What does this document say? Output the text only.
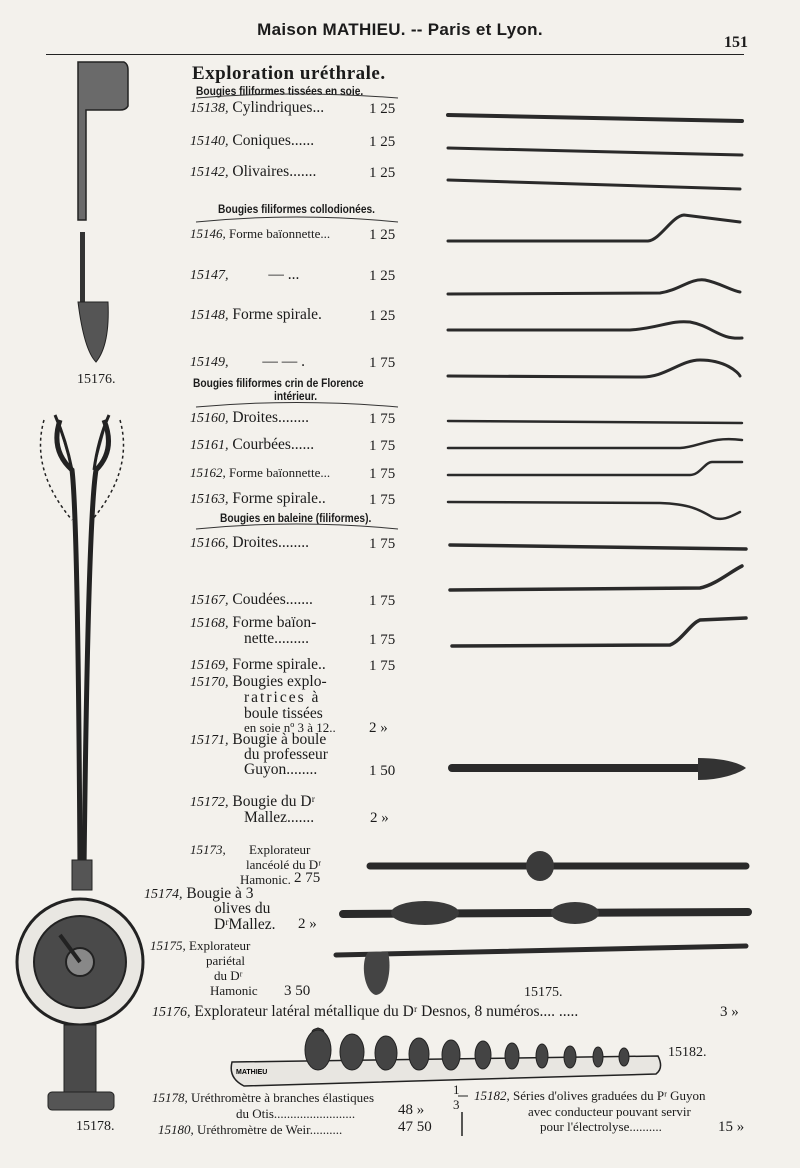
Maison MATHIEU. -- Paris et Lyon.
151
Exploration uréthrale.
Bougies filiformes tissées en soie.
15138, Cylindriques...	1 25
15140, Coniques......	1 25
15142, Olivaires.......	1 25
Bougies filiformes collodionées.
15146, Forme baïonnette...	1 25
15147,	— ...	1 25
15148, Forme spirale.	1 25
15149, — — .	1 75
Bougies filiformes crin de Florence
intérieur.
15160, Droites........	1 75
15161, Courbées......	1 75
15162, Forme baïonnette...	1 75
15163, Forme spirale..	1 75
Bougies en baleine (filiformes).
15166, Droites........	1 75
15167, Coudées.......	1 75
15168, Forme baïon-
nette.........	1 75
15169, Forme spirale..	1 75
15170, Bougies explo-
ratrices à
boule tissées
en soie nº 3 à 12.. 2 »
15171, Bougie à boule
du professeur
Guyon........	1 50
15172, Bougie du Dʳ
Mallez.......	2 »
15173, Explorateur
lancéolé du Dʳ
Hamonic. 2 75
15174, Bougie à 3
olives du
DʳMallez. 2 »
15175, Explorateur
pariétal
du Dʳ
Hamonic 3 50	15175.
15176, Explorateur latéral métallique du Dʳ Desnos, 8 numéros.... .....	3 »
15182.
15178, Uréthromètre à branches élastiques
du Otis.........................	48 »
15180, Uréthromètre de Weir..........	47 50
1
3
15182, Séries d'olives graduées du Pʳ Guyon
avec conducteur pouvant servir
pour l'électrolyse..........	15 »
15176.
15178.
MATHIEU
